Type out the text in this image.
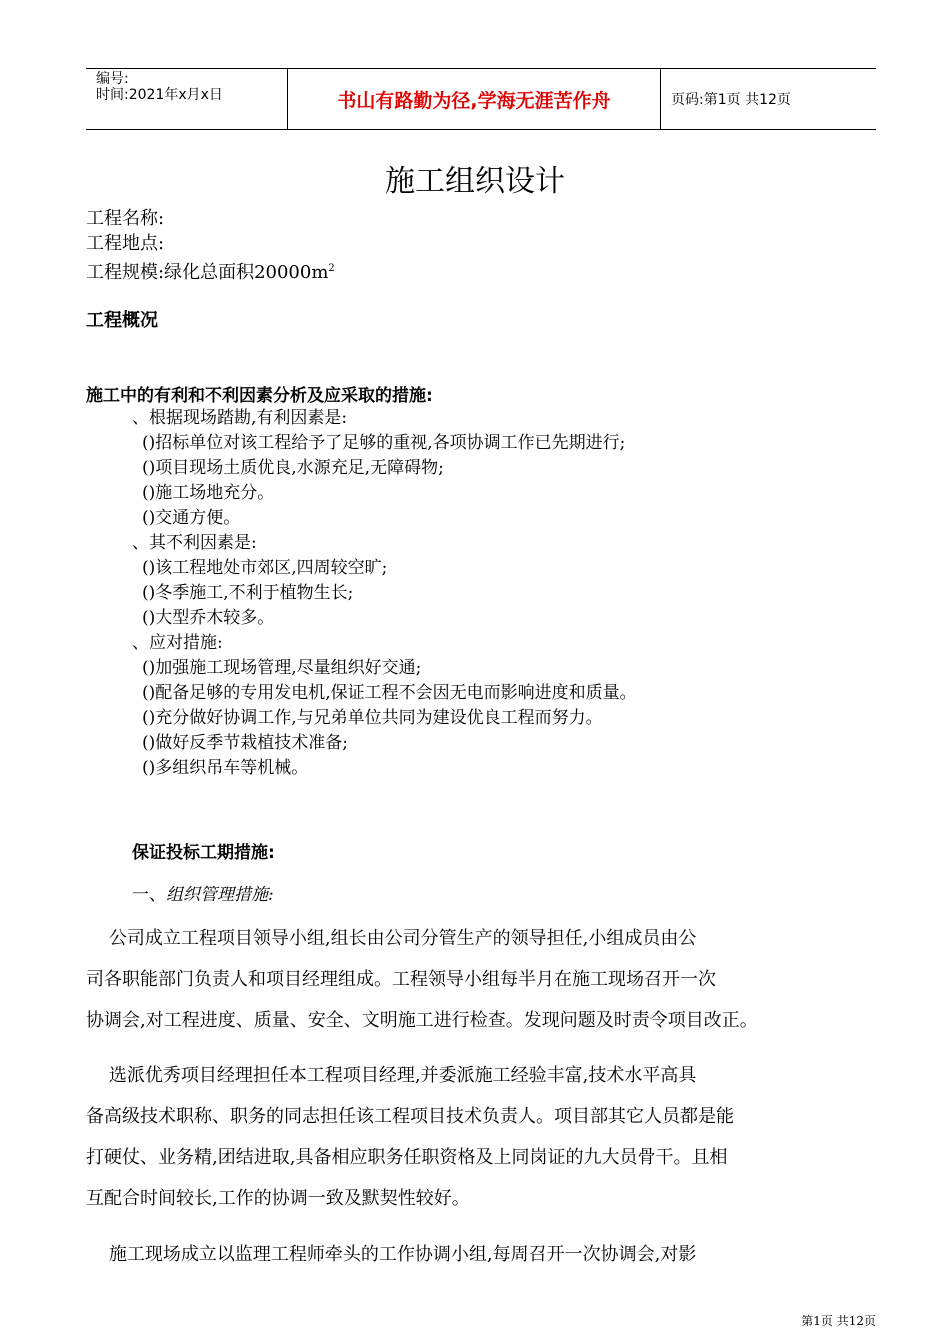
编号:
时间:2021年x月x日	书山有路勤为径,学海无涯苦作舟	页码:第1页 共12页
施工组织设计
工程名称:
工程地点:
工程规模:绿化总面积$20000m^2$
工程概况
施工中的有利和不利因素分析及应采取的措施:
、根据现场踏勘,有利因素是:
()招标单位对该工程给予了足够的重视,各项协调工作已先期进行;
()项目现场土质优良,水源充足,无障碍物;
()施工场地充分。
()交通方便。
、其不利因素是:
()该工程地处市郊区,四周较空旷;
()冬季施工,不利于植物生长;
()大型乔木较多。
、应对措施:
()加强施工现场管理,尽量组织好交通;
()配备足够的专用发电机,保证工程不会因无电而影响进度和质量。
()充分做好协调工作,与兄弟单位共同为建设优良工程而努力。
()做好反季节栽植技术准备;
()多组织吊车等机械。
保证投标工期措施:
一、组织管理措施:
公司成立工程项目领导小组,组长由公司分管生产的领导担任,小组成员由公
司各职能部门负责人和项目经理组成。工程领导小组每半月在施工现场召开一次
协调会,对工程进度、质量、安全、文明施工进行检查。发现问题及时责令项目改正。
选派优秀项目经理担任本工程项目经理,并委派施工经验丰富,技术水平高具
备高级技术职称、职务的同志担任该工程项目技术负责人。项目部其它人员都是能
打硬仗、业务精,团结进取,具备相应职务任职资格及上同岗证的九大员骨干。且相
互配合时间较长,工作的协调一致及默契性较好。
施工现场成立以监理工程师牵头的工作协调小组,每周召开一次协调会,对影
第1页 共12页
